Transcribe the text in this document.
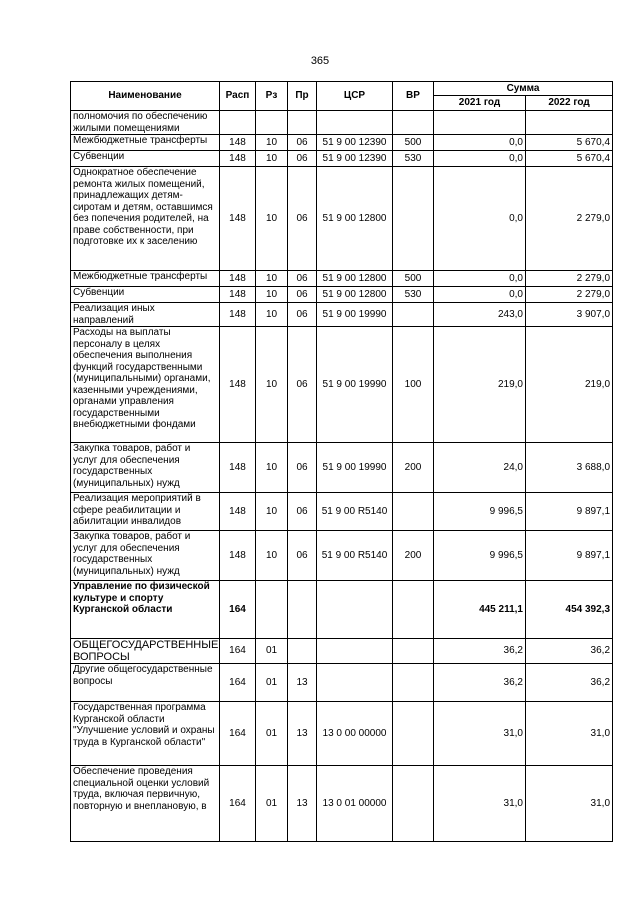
365
Наименование	Расп	Рз	Пр	ЦСР	ВР	Сумма	
						2021 год	2022 год
полномочия по обеспечению жилыми помещениями							
Межбюджетные трансферты	148	10	06	51 9 00 12390	500	0,0	5 670,4
Субвенции	148	10	06	51 9 00 12390	530	0,0	5 670,4
Однократное обеспечение ремонта жилых помещений, принадлежащих детям-сиротам и детям, оставшимся без попечения родителей, на праве собственности, при подготовке их к заселению	148	10	06	51 9 00 12800		0,0	2 279,0
Межбюджетные трансферты	148	10	06	51 9 00 12800	500	0,0	2 279,0
Субвенции	148	10	06	51 9 00 12800	530	0,0	2 279,0
Реализация иных направлений	148	10	06	51 9 00 19990		243,0	3 907,0
Расходы на выплаты персоналу в целях обеспечения выполнения функций государственными (муниципальными) органами, казенными учреждениями, органами управления государственными внебюджетными фондами	148	10	06	51 9 00 19990	100	219,0	219,0
Закупка товаров, работ и услуг для обеспечения государственных (муниципальных) нужд	148	10	06	51 9 00 19990	200	24,0	3 688,0
Реализация мероприятий в сфере реабилитации и абилитации инвалидов	148	10	06	51 9 00 R5140		9 996,5	9 897,1
Закупка товаров, работ и услуг для обеспечения государственных (муниципальных) нужд	148	10	06	51 9 00 R5140	200	9 996,5	9 897,1
Управление по физической культуре и спорту Курганской области	164					445 211,1	454 392,3
ОБЩЕГОСУДАРСТВЕННЫЕ ВОПРОСЫ	164	01				36,2	36,2
Другие общегосударственные вопросы	164	01	13			36,2	36,2
Государственная программа Курганской области "Улучшение условий и охраны труда в Курганской области"	164	01	13	13 0 00 00000		31,0	31,0
Обеспечение проведения специальной оценки условий труда, включая первичную, повторную и внеплановую, в	164	01	13	13 0 01 00000		31,0	31,0
